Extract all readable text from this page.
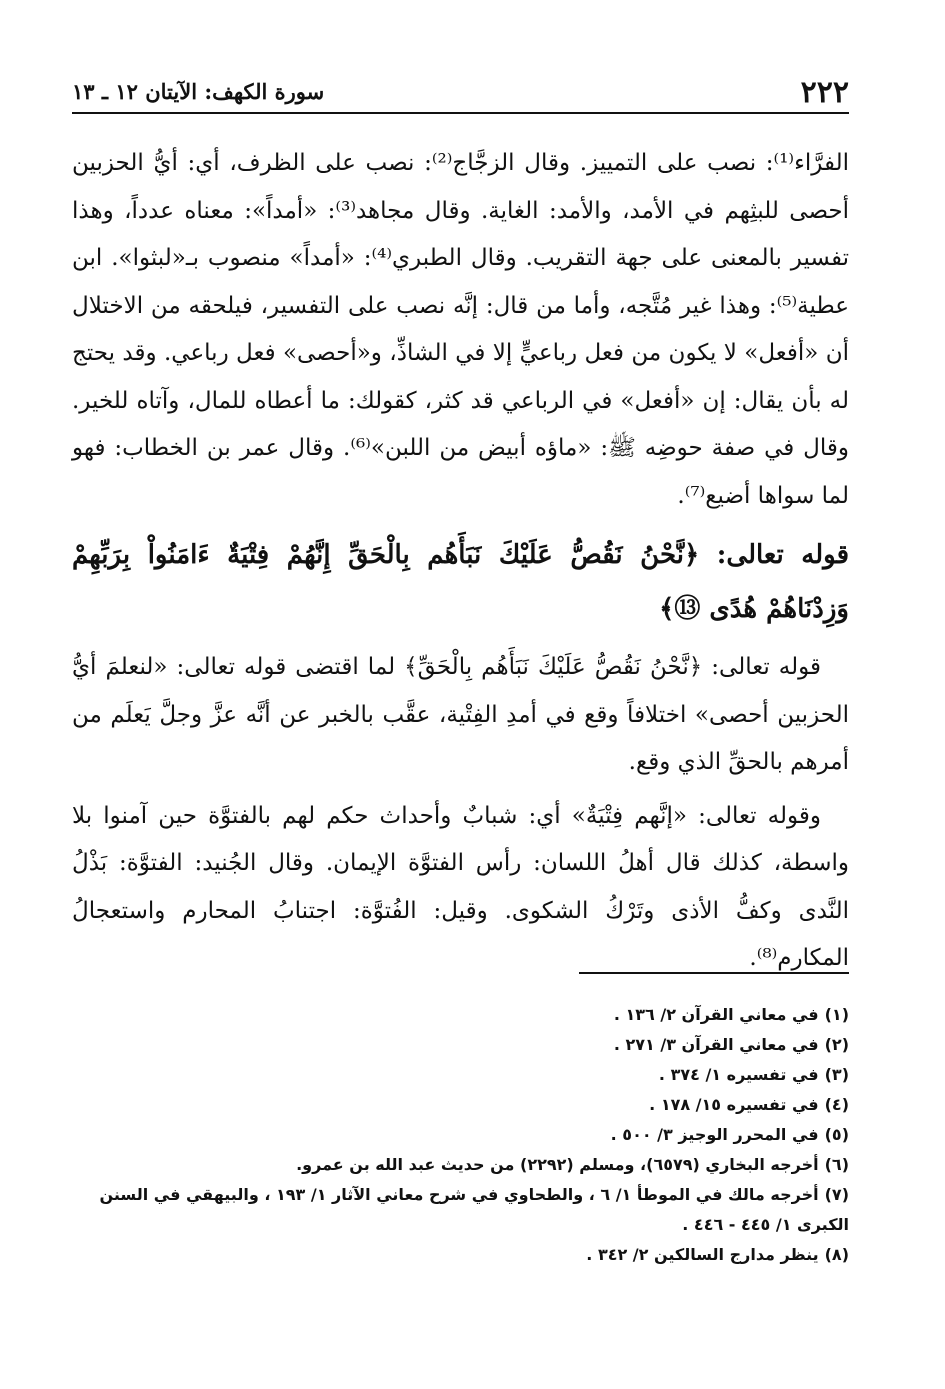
٢٢٢
سورة الكهف: الآيتان ١٢ ـ ١٣

الفرَّاء⁽¹⁾: نصب على التمييز. وقال الزجَّاج⁽²⁾: نصب على الظرف، أي: أيُّ الحزبين أحصى للبثِهم في الأمد، والأمد: الغاية. وقال مجاهد⁽³⁾: «أمداً»: معناه عدداً، وهذا تفسير بالمعنى على جهة التقريب. وقال الطبري⁽⁴⁾: «أمداً» منصوب بـ«لبثوا». ابن عطية⁽⁵⁾: وهذا غير مُتَّجه، وأما من قال: إنَّه نصب على التفسير، فيلحقه من الاختلال أن «أفعل» لا يكون من فعل رباعيٍّ إلا في الشاذِّ، و«أحصى» فعل رباعي. وقد يحتج له بأن يقال: إن «أفعل» في الرباعي قد كثر، كقولك: ما أعطاه للمال، وآتاه للخير. وقال في صفة حوضِه ﷺ: «ماؤه أبيض من اللبن»⁽⁶⁾. وقال عمر بن الخطاب: فهو لما سواها أضيع⁽⁷⁾.

قوله تعالى: ﴿نَّحْنُ نَقُصُّ عَلَيْكَ نَبَأَهُم بِالْحَقِّ إِنَّهُمْ فِتْيَةٌ ءَامَنُواْ بِرَبِّهِمْ وَزِدْنَاهُمْ هُدًى ⑬﴾

قوله تعالى: ﴿نَّحْنُ نَقُصُّ عَلَيْكَ نَبَأَهُم بِالْحَقِّ﴾ لما اقتضى قوله تعالى: «لنعلمَ أيُّ الحزبين أحصى» اختلافاً وقع في أمدِ الفِتْية، عقَّب بالخبر عن أنَّه عزَّ وجلَّ يَعلَم من أمرهم بالحقِّ الذي وقع.

وقوله تعالى: «إنَّهم فِتْيَةٌ» أي: شبابٌ وأحداث حكم لهم بالفتوَّة حين آمنوا بلا واسطة، كذلك قال أهلُ اللسان: رأس الفتوَّة الإيمان. وقال الجُنيد: الفتوَّة: بَذْلُ النَّدى وكفُّ الأذى وتَرْكُ الشكوى. وقيل: الفُتوَّة: اجتنابُ المحارم واستعجالُ المكارم⁽⁸⁾.

(١)في معاني القرآن ٢/ ١٣٦ .

(٢)في معاني القرآن ٣/ ٢٧١ .

(٣)في تفسيره ١/ ٣٧٤ .

(٤)في تفسيره ١٥/ ١٧٨ .

(٥)في المحرر الوجيز ٣/ ٥٠٠ .

(٦)أخرجه البخاري (٦٥٧٩)، ومسلم (٢٢٩٢) من حديث عبد الله بن عمرو.

(٧)أخرجه مالك في الموطأ ١/ ٦ ، والطحاوي في شرح معاني الآثار ١/ ١٩٣ ، والبيهقي في السنن الكبرى ١/ ٤٤٥ - ٤٤٦ .

(٨)ينظر مدارج السالكين ٢/ ٣٤٢ .
